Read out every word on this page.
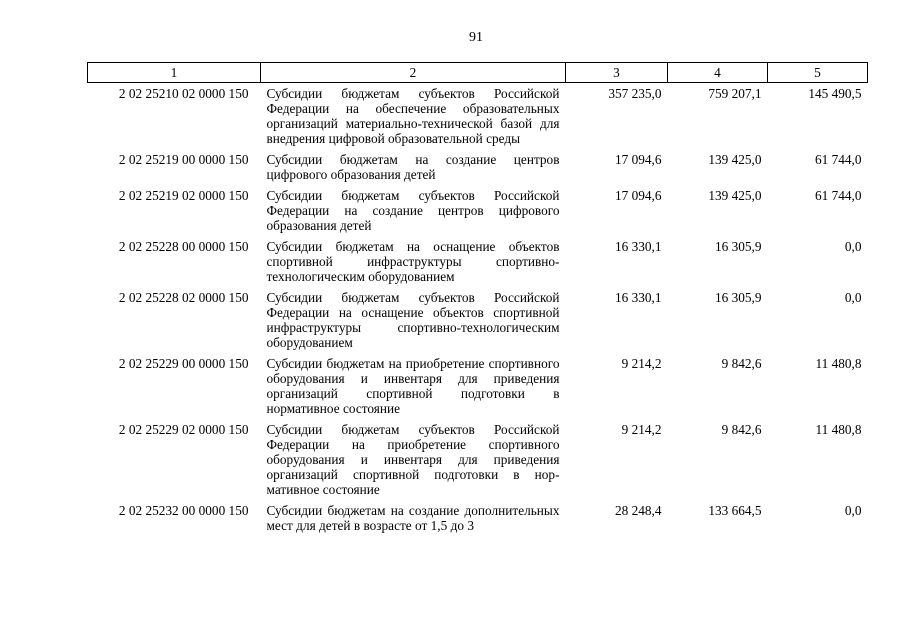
91
1	2	3	4	5
2 02 25210 02 0000 150	Субсидии бюджетам субъектов Российской Федерации на обеспечение образовательных организаций материально-технической базой для внедрения цифровой образовательной среды	357 235,0	759 207,1	145 490,5
2 02 25219 00 0000 150	Субсидии бюджетам на создание центров цифрового образования детей	17 094,6	139 425,0	61 744,0
2 02 25219 02 0000 150	Субсидии бюджетам субъектов Российской Федерации на создание центров цифрового образования детей	17 094,6	139 425,0	61 744,0
2 02 25228 00 0000 150	Субсидии бюджетам на оснащение объектов спортивной инфраструктуры спортивно-технологическим оборудованием	16 330,1	16 305,9	0,0
2 02 25228 02 0000 150	Субсидии бюджетам субъектов Российской Федерации на оснащение объектов спортивной инфраструктуры спортивно-технологическим оборудованием	16 330,1	16 305,9	0,0
2 02 25229 00 0000 150	Субсидии бюджетам на приобретение спортивного оборудования и инвентаря для приведения организаций спортивной подготовки в нормативное состояние	9 214,2	9 842,6	11 480,8
2 02 25229 02 0000 150	Субсидии бюджетам субъектов Российской Федерации на приобретение спортивного оборудования и инвентаря для приведения организаций спортивной подготовки в нормативное состояние	9 214,2	9 842,6	11 480,8
2 02 25232 00 0000 150	Субсидии бюджетам на создание дополнительных мест для детей в возрасте от 1,5 до 3	28 248,4	133 664,5	0,0
